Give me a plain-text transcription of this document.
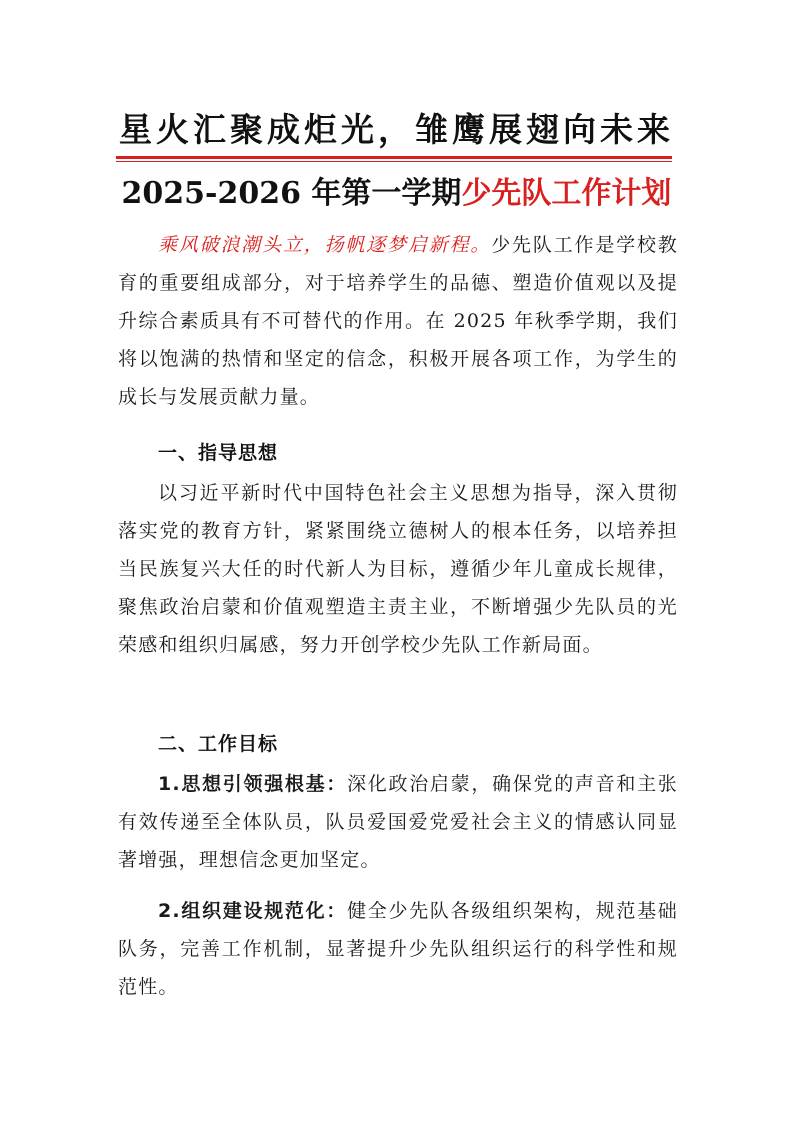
星火汇聚成炬光，雏鹰展翅向未来
2025-2026 年第一学期少先队工作计划

乘风破浪潮头立，扬帆逐梦启新程。少先队工作是学校教育的重要组成部分，对于培养学生的品德、塑造价值观以及提升综合素质具有不可替代的作用。在 2025 年秋季学期，我们将以饱满的热情和坚定的信念，积极开展各项工作，为学生的成长与发展贡献力量。

一、指导思想

以习近平新时代中国特色社会主义思想为指导，深入贯彻落实党的教育方针，紧紧围绕立德树人的根本任务，以培养担当民族复兴大任的时代新人为目标，遵循少年儿童成长规律，聚焦政治启蒙和价值观塑造主责主业，不断增强少先队员的光荣感和组织归属感，努力开创学校少先队工作新局面。

二、工作目标

1.思想引领强根基：深化政治启蒙，确保党的声音和主张有效传递至全体队员，队员爱国爱党爱社会主义的情感认同显著增强，理想信念更加坚定。

2.组织建设规范化：健全少先队各级组织架构，规范基础队务，完善工作机制，显著提升少先队组织运行的科学性和规范性。
